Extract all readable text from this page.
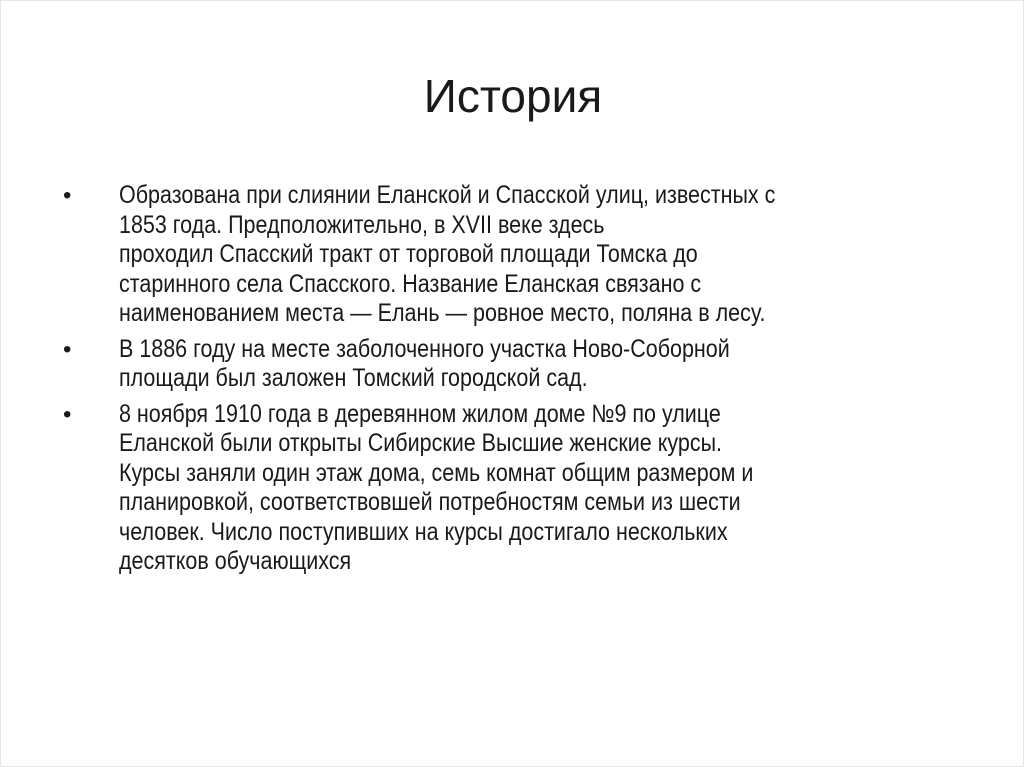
История
• Образована при слиянии Еланской и Спасской улиц, известных с
1853 года. Предположительно, в XVII веке здесь
проходил Спасский тракт от торговой площади Томска до
старинного села Спасского. Название Еланская связано с
наименованием места — Елань — ровное место, поляна в лесу.
• В 1886 году на месте заболоченного участка Ново-Соборной
площади был заложен Томский городской сад.
• 8 ноября 1910 года в деревянном жилом доме №9 по улице
Еланской были открыты Сибирские Высшие женские курсы.
Курсы заняли один этаж дома, семь комнат общим размером и
планировкой, соответствовшей потребностям семьи из шести
человек. Число поступивших на курсы достигало нескольких
десятков обучающихся
